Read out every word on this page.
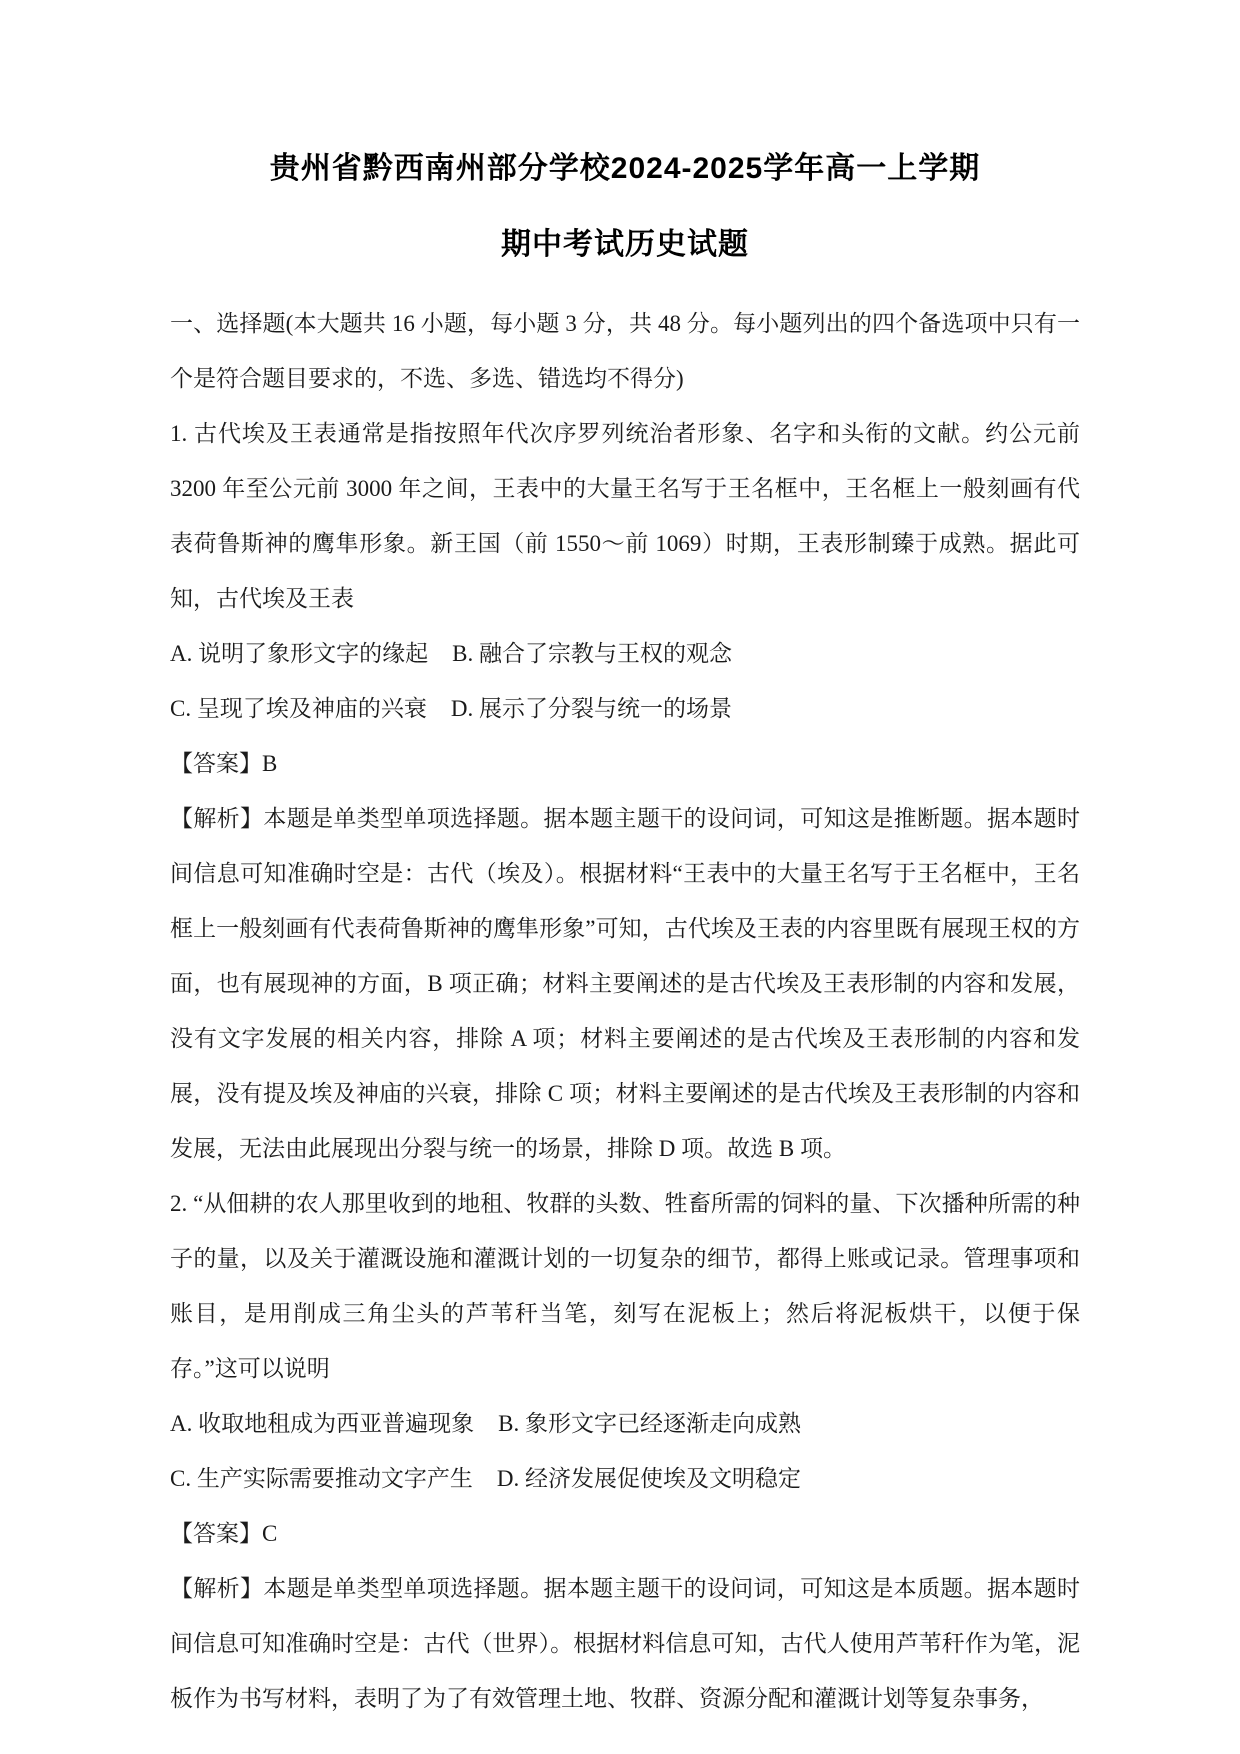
贵州省黔西南州部分学校2024-2025学年高一上学期
期中考试历史试题
一、选择题(本大题共 16 小题，每小题 3 分，共 48 分。每小题列出的四个备选项中只有一个是符合题目要求的，不选、多选、错选均不得分)
1. 古代埃及王表通常是指按照年代次序罗列统治者形象、名字和头衔的文献。约公元前 3200 年至公元前 3000 年之间，王表中的大量王名写于王名框中，王名框上一般刻画有代表荷鲁斯神的鹰隼形象。新王国（前 1550～前 1069）时期，王表形制臻于成熟。据此可知，古代埃及王表
A. 说明了象形文字的缘起 B. 融合了宗教与王权的观念
C. 呈现了埃及神庙的兴衰 D. 展示了分裂与统一的场景
【答案】B
【解析】本题是单类型单项选择题。据本题主题干的设问词，可知这是推断题。据本题时间信息可知准确时空是：古代（埃及）。根据材料“王表中的大量王名写于王名框中，王名框上一般刻画有代表荷鲁斯神的鹰隼形象”可知，古代埃及王表的内容里既有展现王权的方面，也有展现神的方面，B 项正确；材料主要阐述的是古代埃及王表形制的内容和发展，没有文字发展的相关内容，排除 A 项；材料主要阐述的是古代埃及王表形制的内容和发展，没有提及埃及神庙的兴衰，排除 C 项；材料主要阐述的是古代埃及王表形制的内容和发展，无法由此展现出分裂与统一的场景，排除 D 项。故选 B 项。
2. “从佃耕的农人那里收到的地租、牧群的头数、牲畜所需的饲料的量、下次播种所需的种子的量，以及关于灌溉设施和灌溉计划的一切复杂的细节，都得上账或记录。管理事项和账目，是用削成三角尘头的芦苇秆当笔，刻写在泥板上；然后将泥板烘干，以便于保存。”这可以说明
A. 收取地租成为西亚普遍现象 B. 象形文字已经逐渐走向成熟
C. 生产实际需要推动文字产生 D. 经济发展促使埃及文明稳定
【答案】C
【解析】本题是单类型单项选择题。据本题主题干的设问词，可知这是本质题。据本题时间信息可知准确时空是：古代（世界）。根据材料信息可知，古代人使用芦苇秆作为笔，泥板作为书写材料，表明了为了有效管理土地、牧群、资源分配和灌溉计划等复杂事务，
